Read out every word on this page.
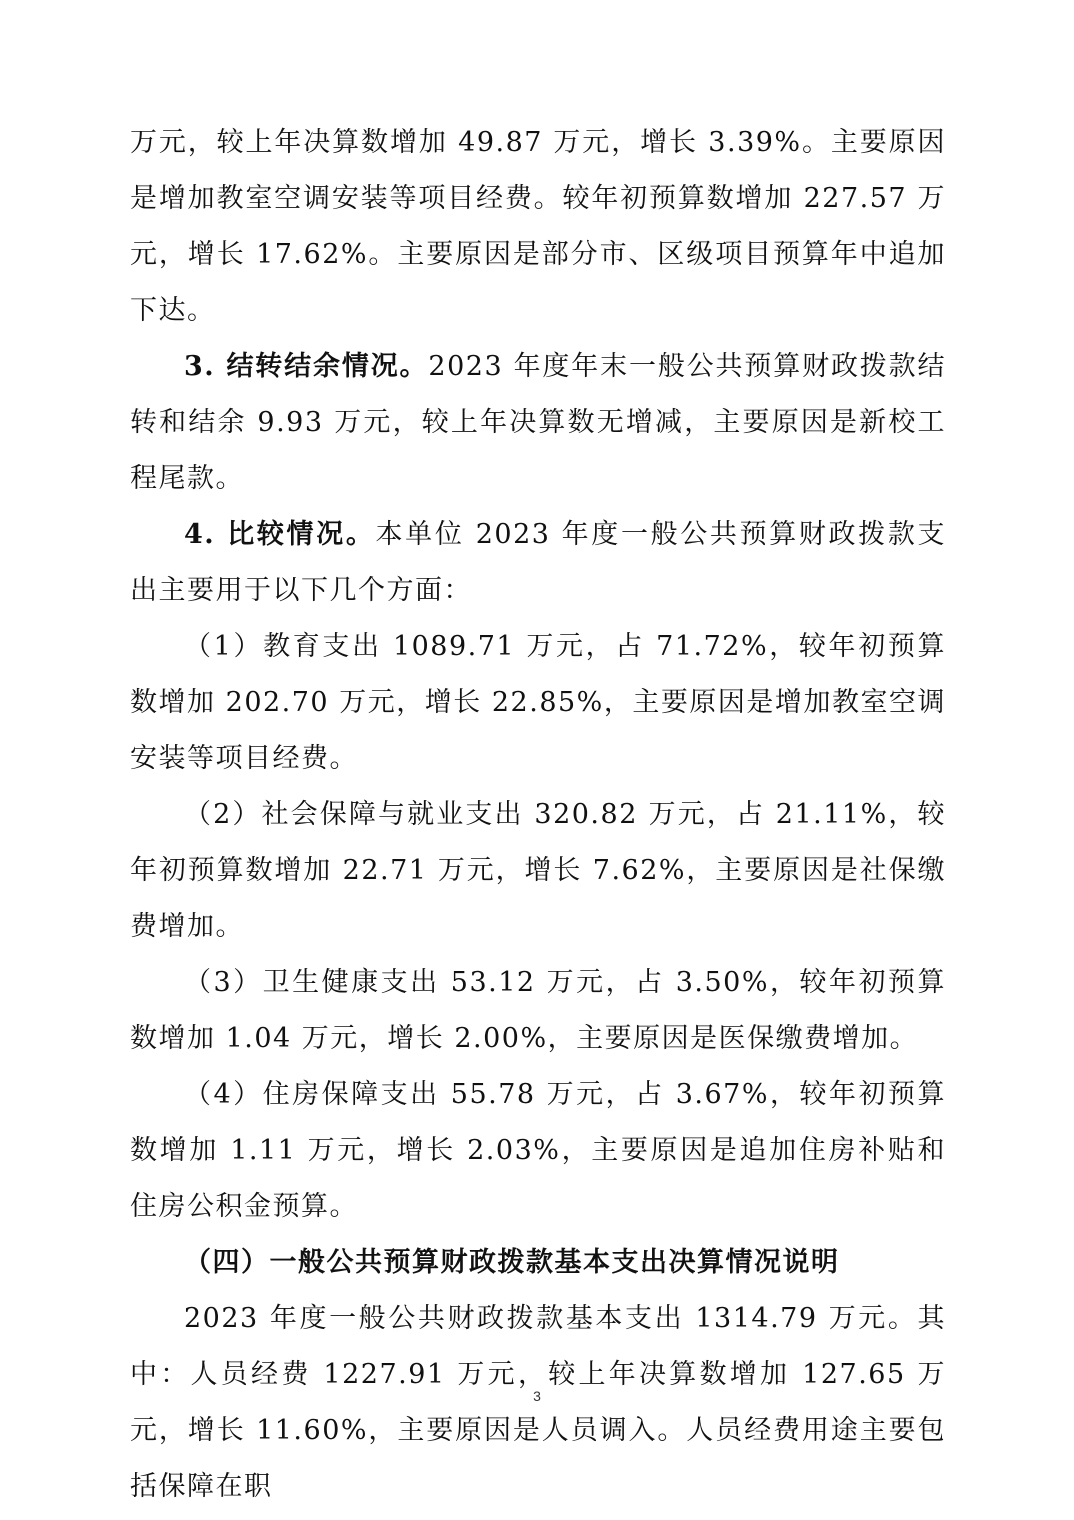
万元，较上年决算数增加 49.87 万元，增长 3.39%。主要原因是增加教室空调安装等项目经费。较年初预算数增加 227.57 万元，增长 17.62%。主要原因是部分市、区级项目预算年中追加下达。

3. 结转结余情况。2023 年度年末一般公共预算财政拨款结转和结余 9.93 万元，较上年决算数无增减，主要原因是新校工程尾款。

4. 比较情况。本单位 2023 年度一般公共预算财政拨款支出主要用于以下几个方面：

（1）教育支出 1089.71 万元，占 71.72%，较年初预算数增加 202.70 万元，增长 22.85%，主要原因是增加教室空调安装等项目经费。

（2）社会保障与就业支出 320.82 万元，占 21.11%，较年初预算数增加 22.71 万元，增长 7.62%，主要原因是社保缴费增加。

（3）卫生健康支出 53.12 万元，占 3.50%，较年初预算数增加 1.04 万元，增长 2.00%，主要原因是医保缴费增加。

（4）住房保障支出 55.78 万元，占 3.67%，较年初预算数增加 1.11 万元，增长 2.03%，主要原因是追加住房补贴和住房公积金预算。

（四）一般公共预算财政拨款基本支出决算情况说明

2023 年度一般公共财政拨款基本支出 1314.79 万元。其中：人员经费 1227.91 万元，较上年决算数增加 127.65 万元，增长 11.60%，主要原因是人员调入。人员经费用途主要包括保障在职

3
